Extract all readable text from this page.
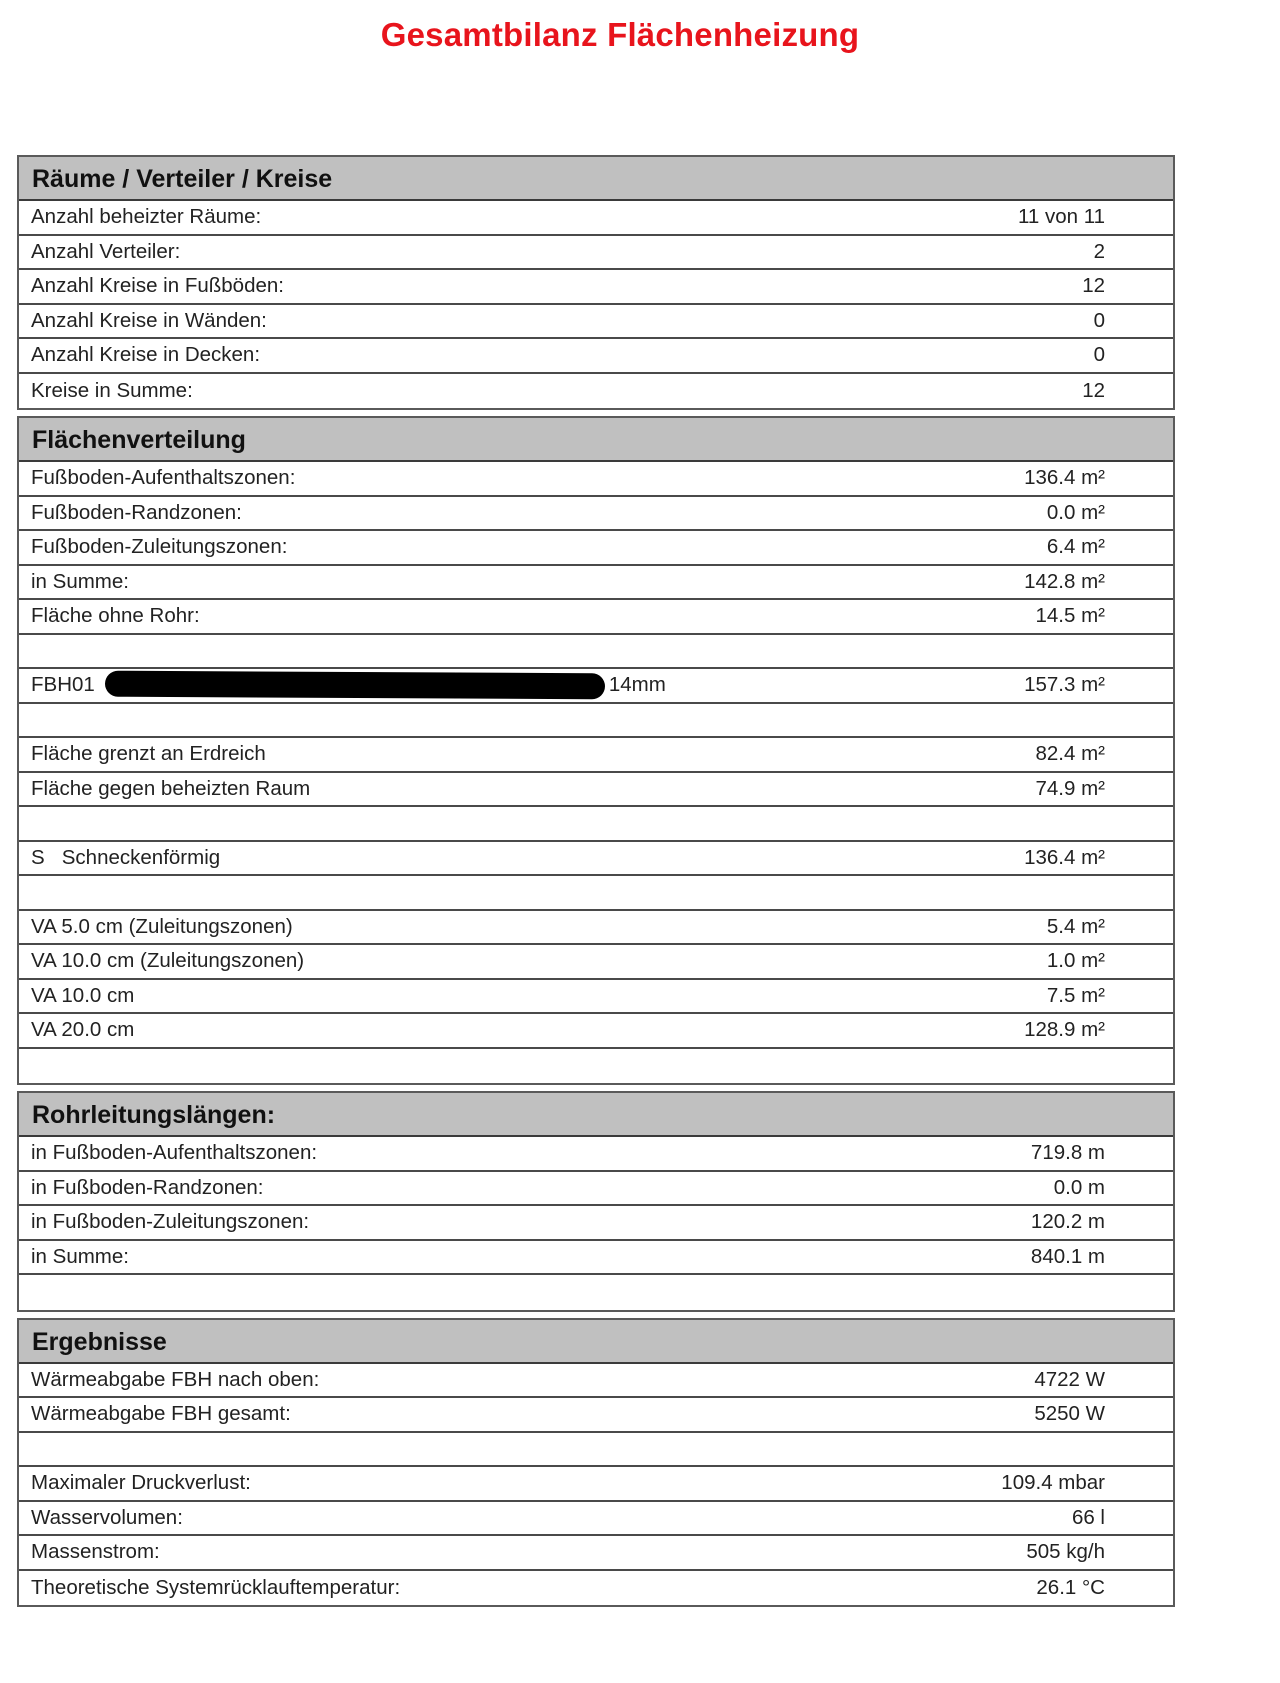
Gesamtbilanz Flächenheizung
Räume / Verteiler / Kreise
Anzahl beheizter Räume:	11 von 11
Anzahl Verteiler:	2
Anzahl Kreise in Fußböden:	12
Anzahl Kreise in Wänden:	0
Anzahl Kreise in Decken:	0
Kreise in Summe:	12
Flächenverteilung
Fußboden-Aufenthaltszonen:	136.4 m²
Fußboden-Randzonen:	0.0 m²
Fußboden-Zuleitungszonen:	6.4 m²
in Summe:	142.8 m²
Fläche ohne Rohr:	14.5 m²
FBH01	14mm	157.3 m²
Fläche grenzt an Erdreich	82.4 m²
Fläche gegen beheizten Raum	74.9 m²
S   Schneckenförmig	136.4 m²
VA 5.0 cm (Zuleitungszonen)	5.4 m²
VA 10.0 cm (Zuleitungszonen)	1.0 m²
VA 10.0 cm	7.5 m²
VA 20.0 cm	128.9 m²
Rohrleitungslängen:
in Fußboden-Aufenthaltszonen:	719.8 m
in Fußboden-Randzonen:	0.0 m
in Fußboden-Zuleitungszonen:	120.2 m
in Summe:	840.1 m
Ergebnisse
Wärmeabgabe FBH nach oben:	4722 W
Wärmeabgabe FBH gesamt:	5250 W
Maximaler Druckverlust:	109.4 mbar
Wasservolumen:	66 l
Massenstrom:	505 kg/h
Theoretische Systemrücklauftemperatur:	26.1 °C
